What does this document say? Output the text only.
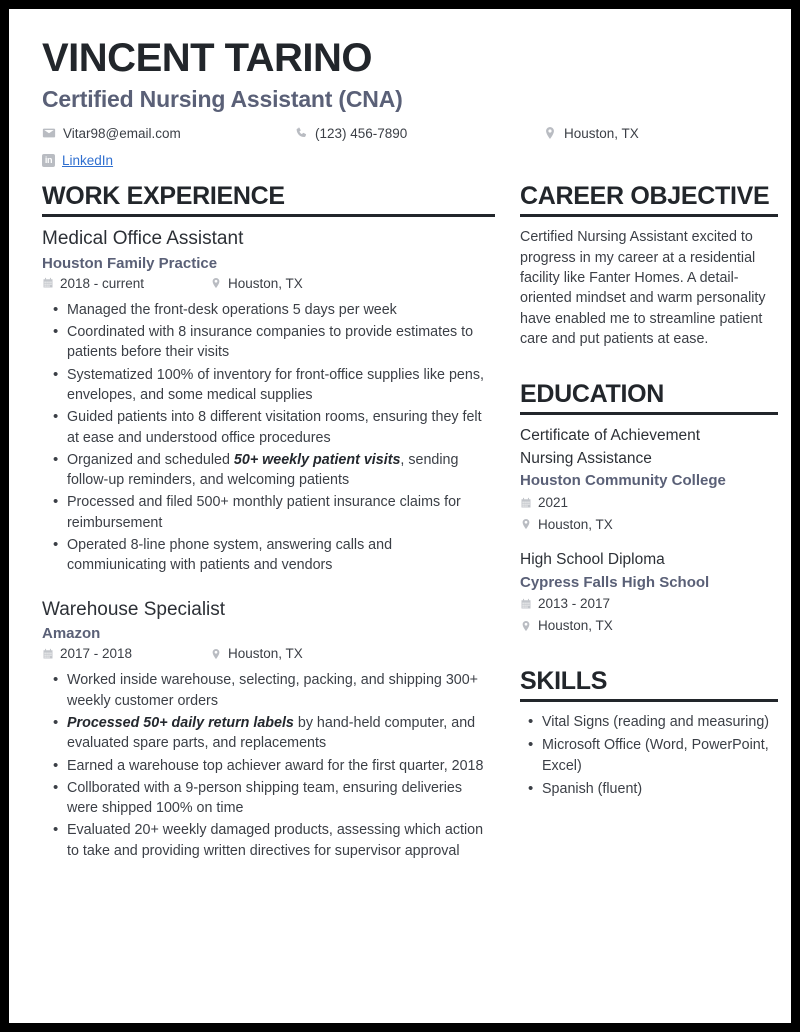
VINCENT TARINO
Certified Nursing Assistant (CNA)
Vitar98@email.com	(123) 456-7890	Houston, TX
in LinkedIn
WORK EXPERIENCE
Medical Office Assistant
Houston Family Practice
2018 - current	Houston, TX
• Managed the front-desk operations 5 days per week
• Coordinated with 8 insurance companies to provide estimates to patients before their visits
• Systematized 100% of inventory for front-office supplies like pens, envelopes, and some medical supplies
• Guided patients into 8 different visitation rooms, ensuring they felt at ease and understood office procedures
• Organized and scheduled 50+ weekly patient visits, sending follow-up reminders, and welcoming patients
• Processed and filed 500+ monthly patient insurance claims for reimbursement
• Operated 8-line phone system, answering calls and commiunicating with patients and vendors
Warehouse Specialist
Amazon
2017 - 2018	Houston, TX
• Worked inside warehouse, selecting, packing, and shipping 300+ weekly customer orders
• Processed 50+ daily return labels by hand-held computer, and evaluated spare parts, and replacements
• Earned a warehouse top achiever award for the first quarter, 2018
• Collborated with a 9-person shipping team, ensuring deliveries were shipped 100% on time
• Evaluated 20+ weekly damaged products, assessing which action to take and providing written directives for supervisor approval
CAREER OBJECTIVE
Certified Nursing Assistant excited to progress in my career at a residential facility like Fanter Homes. A detail-oriented mindset and warm personality have enabled me to streamline patient care and put patients at ease.
EDUCATION
Certificate of Achievement
Nursing Assistance
Houston Community College
2021
Houston, TX
High School Diploma
Cypress Falls High School
2013 - 2017
Houston, TX
SKILLS
• Vital Signs (reading and measuring)
• Microsoft Office (Word, PowerPoint, Excel)
• Spanish (fluent)
